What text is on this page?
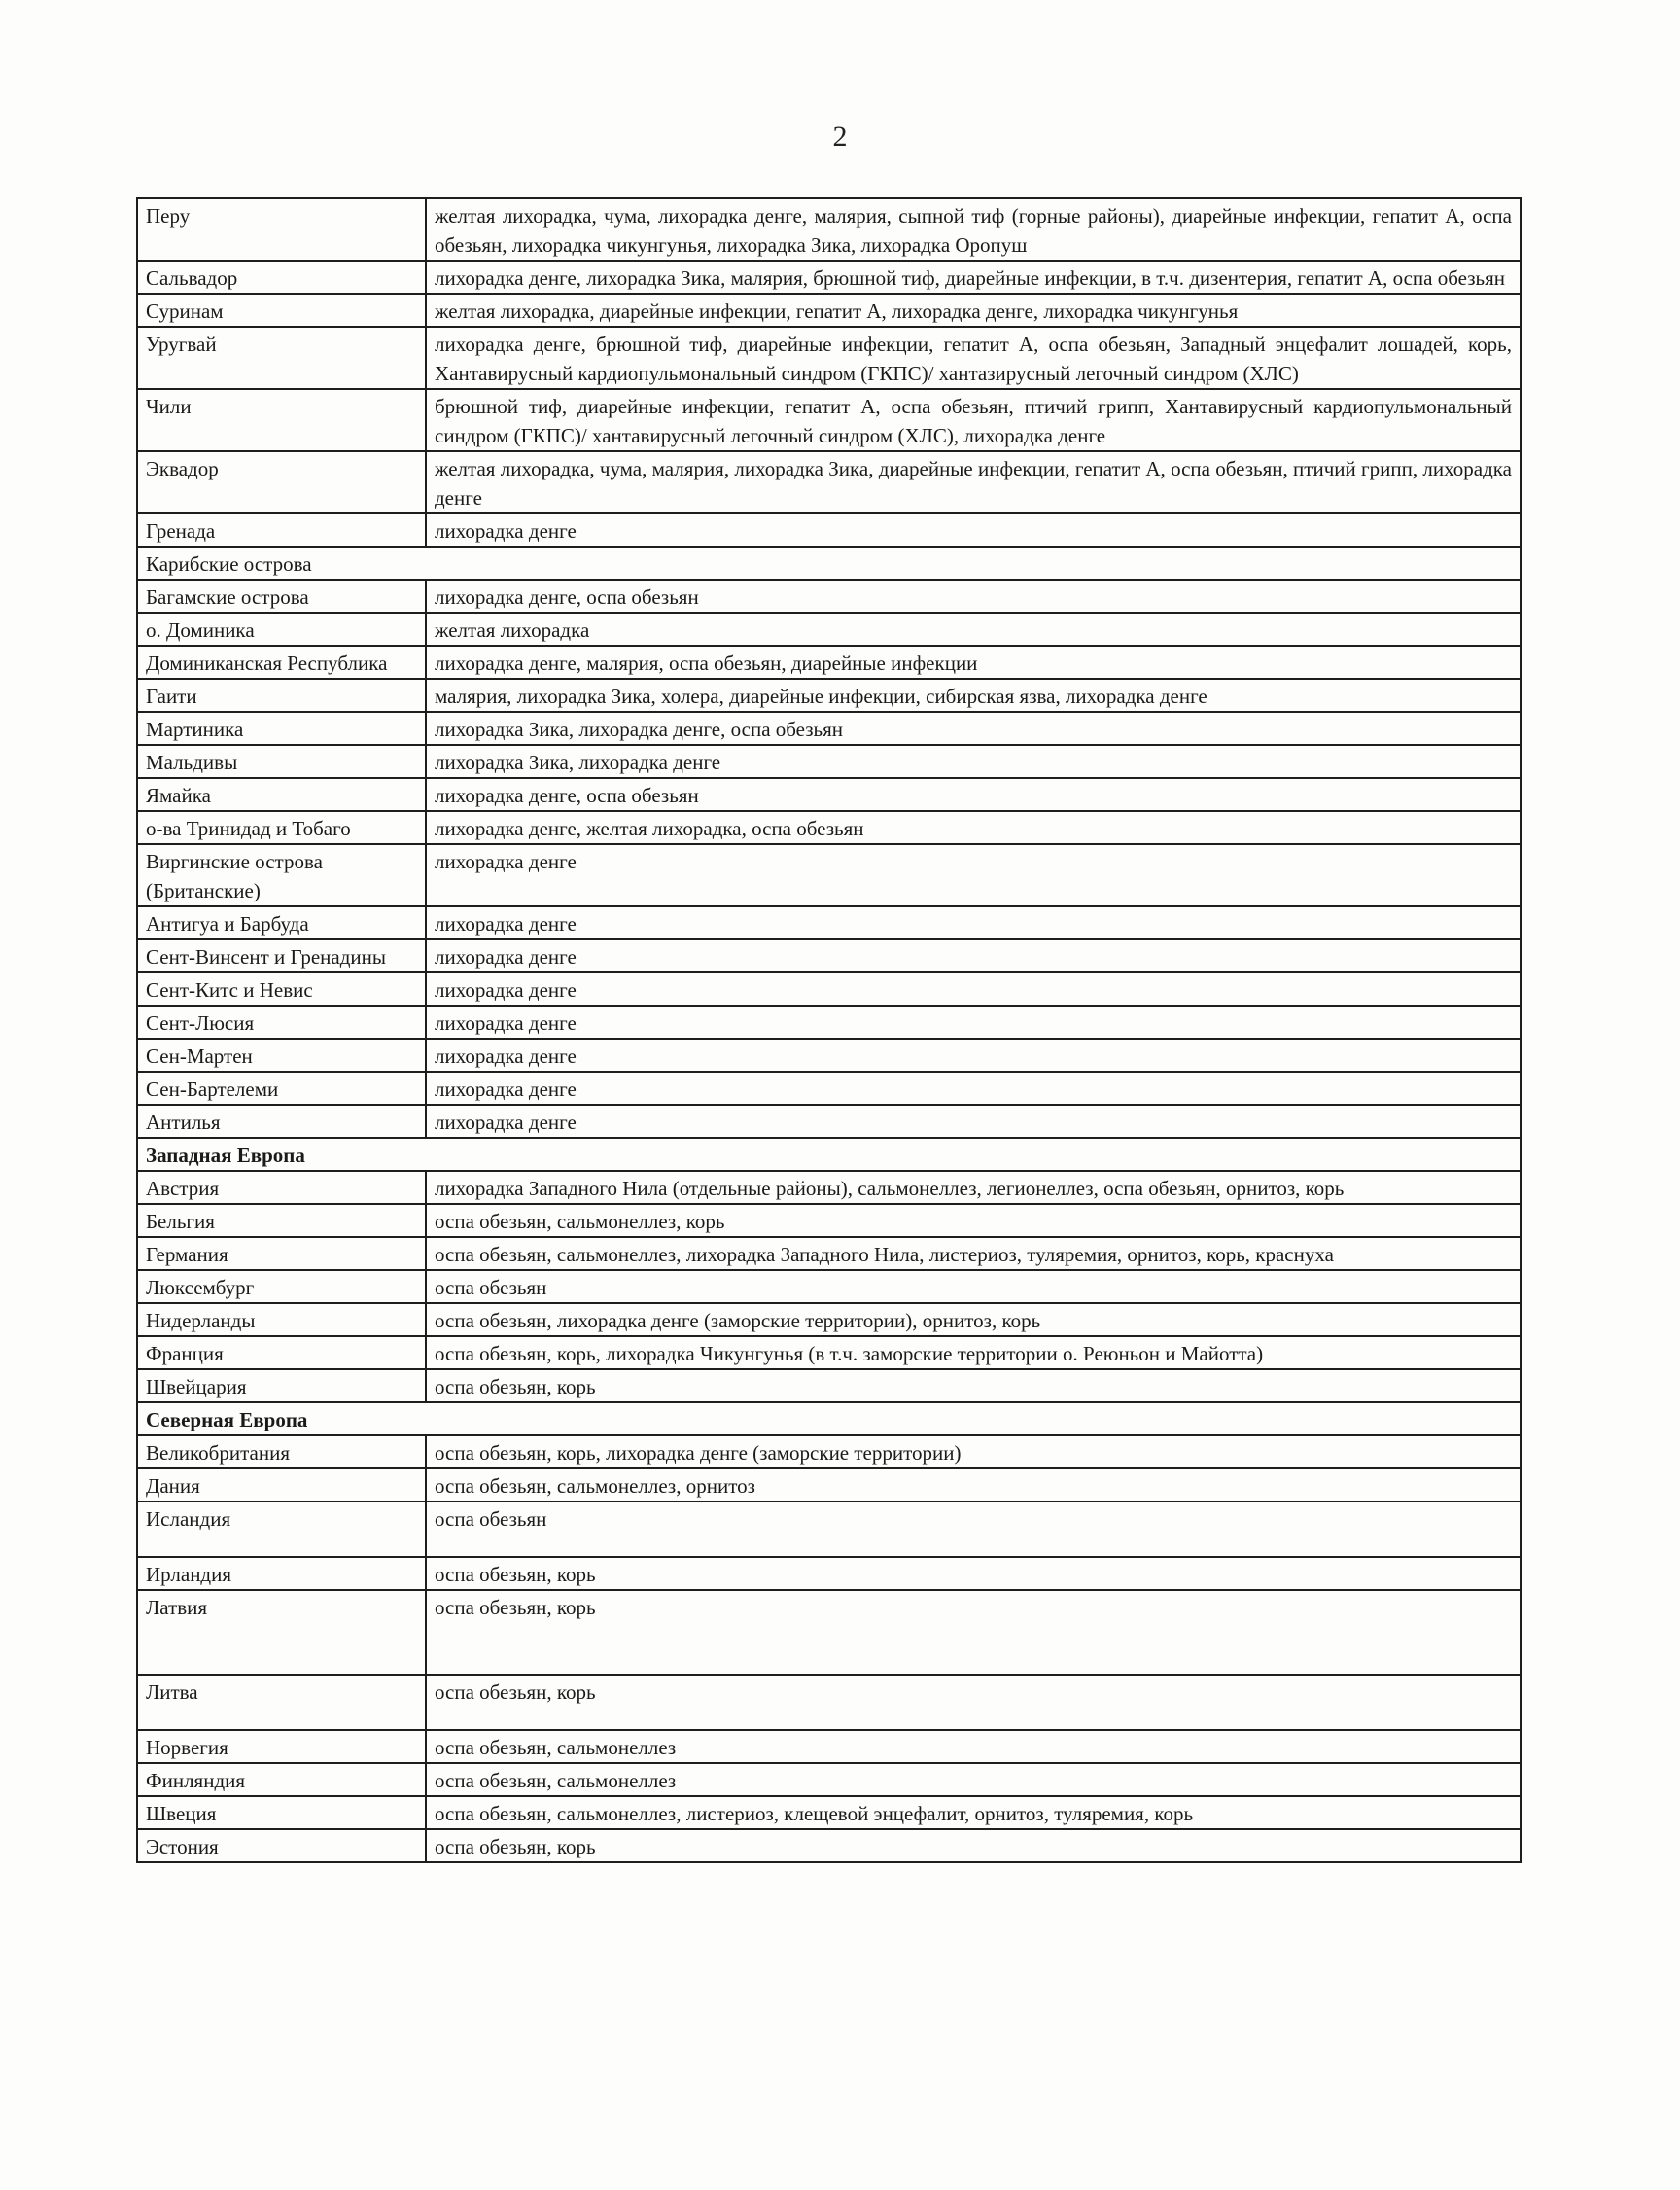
2
Перу	желтая лихорадка, чума, лихорадка денге, малярия, сыпной тиф (горные районы), диарейные инфекции, гепатит А, оспа обезьян, лихорадка чикунгунья, лихорадка Зика, лихорадка Оропуш
Сальвадор	лихорадка денге, лихорадка Зика, малярия, брюшной тиф, диарейные инфекции, в т.ч. дизентерия, гепатит А, оспа обезьян
Суринам	желтая лихорадка, диарейные инфекции, гепатит А, лихорадка денге, лихорадка чикунгунья
Уругвай	лихорадка денге, брюшной тиф, диарейные инфекции, гепатит А, оспа обезьян, Западный энцефалит лошадей, корь, Хантавирусный кардиопульмональный синдром (ГКПС)/ хантазирусный легочный синдром (ХЛС)
Чили	брюшной тиф, диарейные инфекции, гепатит А, оспа обезьян, птичий грипп, Хантавирусный кардиопульмональный синдром (ГКПС)/ хантавирусный легочный синдром (ХЛС), лихорадка денге
Эквадор	желтая лихорадка, чума, малярия, лихорадка Зика, диарейные инфекции, гепатит А, оспа обезьян, птичий грипп, лихорадка денге
Гренада	лихорадка денге
Карибские острова	
Багамские острова	лихорадка денге, оспа обезьян
о. Доминика	желтая лихорадка
Доминиканская Республика	лихорадка денге, малярия, оспа обезьян, диарейные инфекции
Гаити	малярия, лихорадка Зика, холера, диарейные инфекции, сибирская язва, лихорадка денге
Мартиника	лихорадка Зика, лихорадка денге, оспа обезьян
Мальдивы	лихорадка Зика, лихорадка денге
Ямайка	лихорадка денге, оспа обезьян
о-ва Тринидад и Тобаго	лихорадка денге, желтая лихорадка, оспа обезьян
Виргинские острова (Британские)	лихорадка денге
Антигуа и Барбуда	лихорадка денге
Сент-Винсент и Гренадины	лихорадка денге
Сент-Китс и Невис	лихорадка денге
Сент-Люсия	лихорадка денге
Сен-Мартен	лихорадка денге
Сен-Бартелеми	лихорадка денге
Антилья	лихорадка денге
Западная Европа	
Австрия	лихорадка Западного Нила (отдельные районы), сальмонеллез, легионеллез, оспа обезьян, орнитоз, корь
Бельгия	оспа обезьян, сальмонеллез, корь
Германия	оспа обезьян, сальмонеллез, лихорадка Западного Нила, листериоз, туляремия, орнитоз, корь, краснуха
Люксембург	оспа обезьян
Нидерланды	оспа обезьян, лихорадка денге (заморские территории), орнитоз, корь
Франция	оспа обезьян, корь, лихорадка Чикунгунья (в т.ч. заморские территории о. Реюньон и Майотта)
Швейцария	оспа обезьян, корь
Северная Европа	
Великобритания	оспа обезьян, корь, лихорадка денге (заморские территории)
Дания	оспа обезьян, сальмонеллез, орнитоз
Исландия	оспа обезьян
Ирландия	оспа обезьян, корь
Латвия	оспа обезьян, корь
Литва	оспа обезьян, корь
Норвегия	оспа обезьян, сальмонеллез
Финляндия	оспа обезьян, сальмонеллез
Швеция	оспа обезьян, сальмонеллез, листериоз, клещевой энцефалит, орнитоз, туляремия, корь
Эстония	оспа обезьян, корь
